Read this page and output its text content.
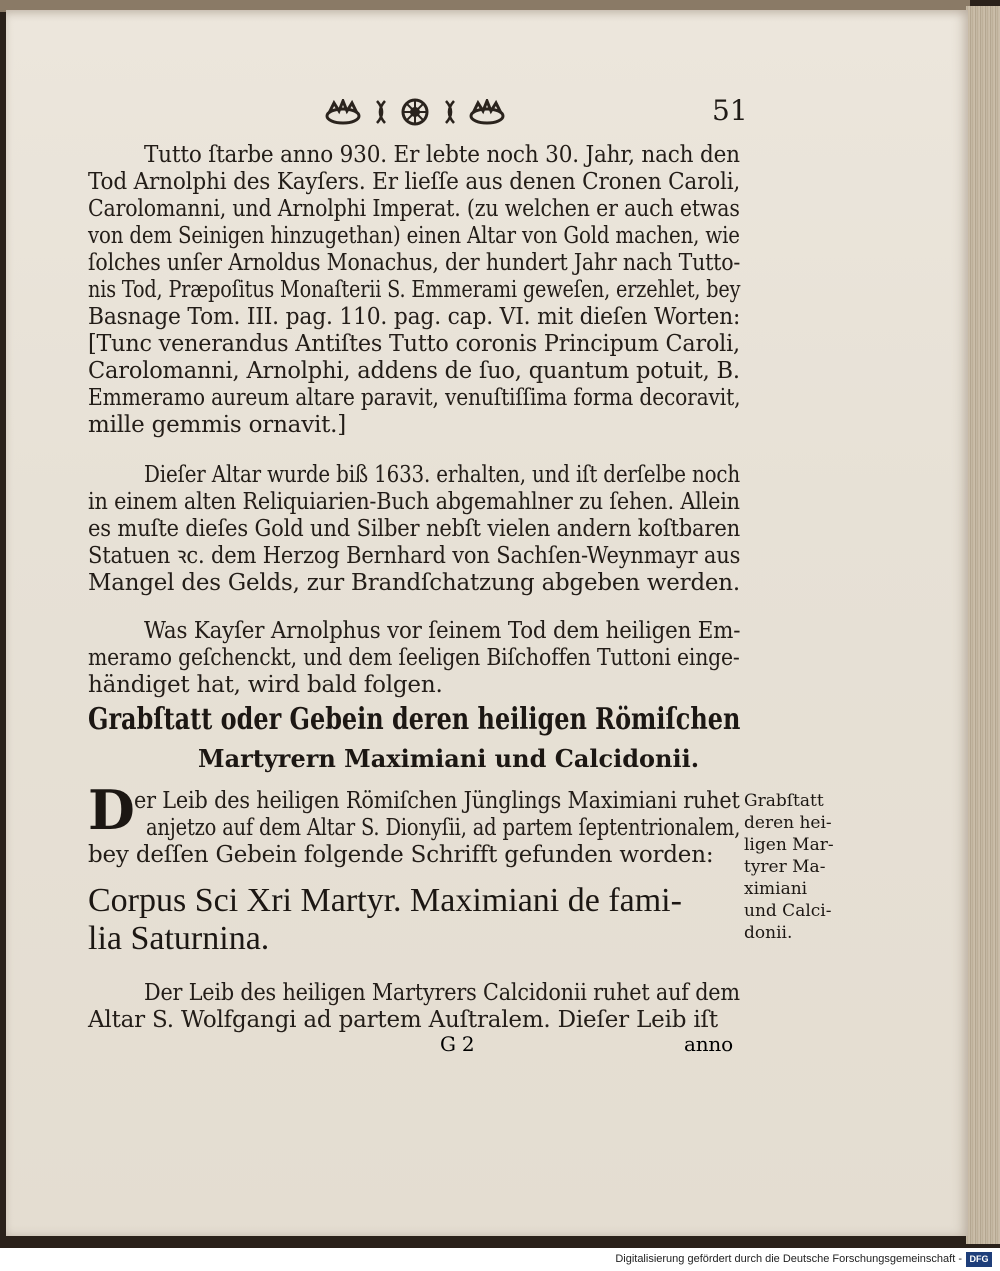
51
Tutto ſtarbe anno 930. Er lebte noch 30. Jahr, nach den
Tod Arnolphi des Kayſers. Er lieſſe aus denen Cronen Caroli,
Carolomanni, und Arnolphi Imperat. (zu welchen er auch etwas
von dem Seinigen hinzugethan) einen Altar von Gold machen, wie
ſolches unſer Arnoldus Monachus, der hundert Jahr nach Tutto-
nis Tod, Præpoſitus Monaſterii S. Emmerami geweſen, erzehlet, bey
Basnage Tom. III. pag. 110. pag. cap. VI. mit dieſen Worten:
[Tunc venerandus Antiſtes Tutto coronis Principum Caroli,
Carolomanni, Arnolphi, addens de ſuo, quantum potuit, B.
Emmeramo aureum altare paravit, venuſtiſſima forma decoravit,
mille gemmis ornavit.]
Dieſer Altar wurde biß 1633. erhalten, und iſt derſelbe noch
in einem alten Reliquiarien-Buch abgemahlner zu ſehen. Allein
es muſte dieſes Gold und Silber nebſt vielen andern koſtbaren
Statuen ꝛc. dem Herzog Bernhard von Sachſen-Weynmayr aus
Mangel des Gelds, zur Brandſchatzung abgeben werden.
Was Kayſer Arnolphus vor ſeinem Tod dem heiligen Em-
meramo geſchenckt, und dem ſeeligen Biſchoffen Tuttoni einge-
händiget hat, wird bald folgen.
Grabſtatt oder Gebein deren heiligen Römiſchen
Martyrern Maximiani und Calcidonii.
D er Leib des heiligen Römiſchen Jünglings Maximiani ruhet
anjetzo auf dem Altar S. Dionyſii, ad partem ſeptentrionalem,
bey deſſen Gebein folgende Schrifft gefunden worden:
Grabſtatt
deren hei-
ligen Mar-
tyrer Ma-
ximiani
und Calci-
donii.
Corpus Sci Xri Martyr. Maximiani de fami-
lia Saturnina.
Der Leib des heiligen Martyrers Calcidonii ruhet auf dem
Altar S. Wolfgangi ad partem Auſtralem. Dieſer Leib iſt
G 2	anno
Digitalisierung gefördert durch die Deutsche Forschungsgemeinschaft - DFG
